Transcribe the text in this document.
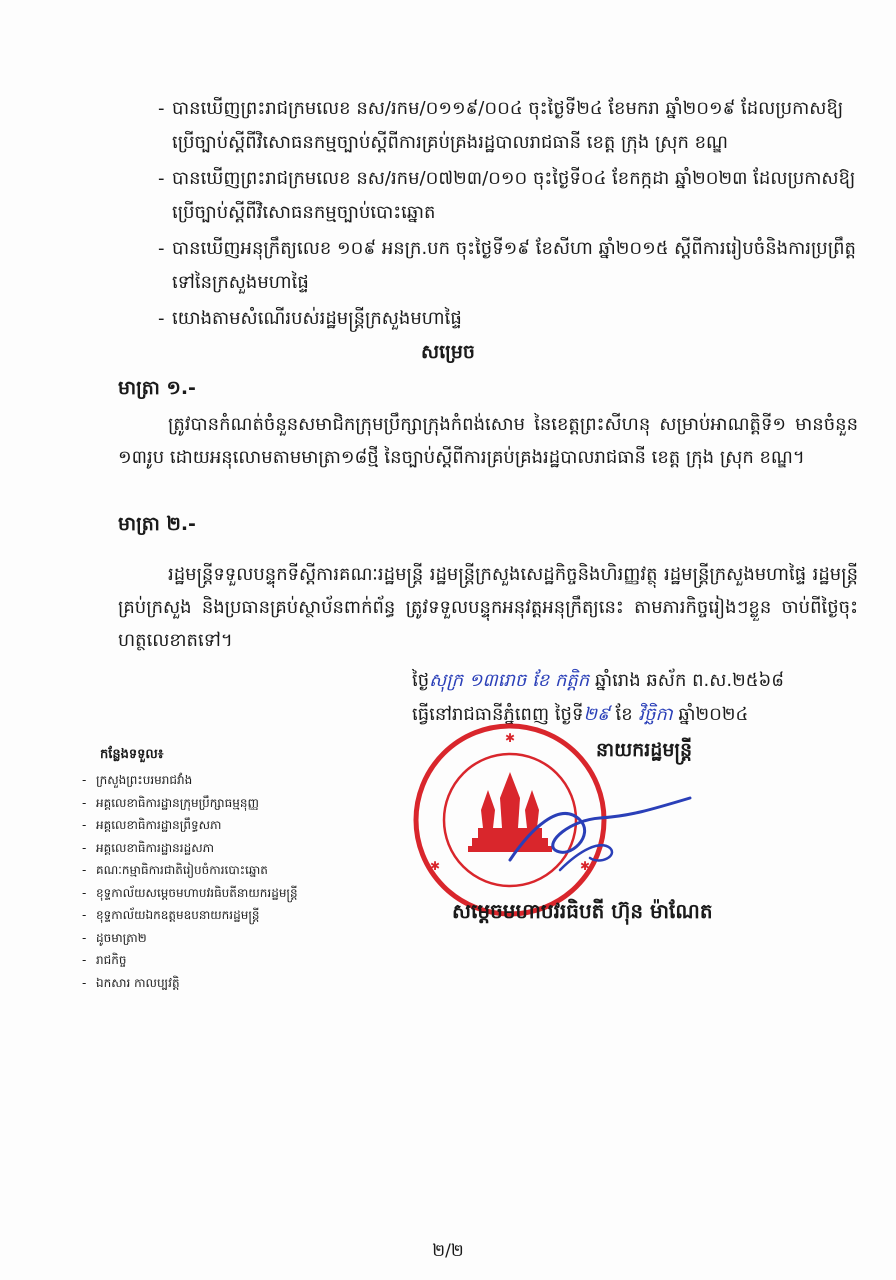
- បានឃើញព្រះរាជក្រមលេខ នស/រកម/០១១៩/០០៤ ចុះថ្ងៃទី២៤ ខែមករា ឆ្នាំ២០១៩ ដែលប្រកាសឱ្យប្រើច្បាប់ស្តីពីវិសោធនកម្មច្បាប់ស្តីពីការគ្រប់គ្រងរដ្ឋបាលរាជធានី ខេត្ត ក្រុង ស្រុក ខណ្ឌ
- បានឃើញព្រះរាជក្រមលេខ នស/រកម/០៧២៣/០១០ ចុះថ្ងៃទី០៤ ខែកក្កដា ឆ្នាំ២០២៣ ដែលប្រកាសឱ្យប្រើច្បាប់ស្តីពីវិសោធនកម្មច្បាប់បោះឆ្នោត
- បានឃើញអនុក្រឹត្យលេខ ១០៩ អនក្រ.បក ចុះថ្ងៃទី១៩ ខែសីហា ឆ្នាំ២០១៥ ស្តីពីការរៀបចំនិងការប្រព្រឹត្តទៅនៃក្រសួងមហាផ្ទៃ
- យោងតាមសំណើរបស់រដ្ឋមន្ត្រីក្រសួងមហាផ្ទៃ
សម្រេច
មាត្រា ១.-
ត្រូវបានកំណត់ចំនួនសមាជិកក្រុមប្រឹក្សាក្រុងកំពង់សោម នៃខេត្តព្រះសីហនុ សម្រាប់អាណត្តិទី១ មានចំនួន ១៣រូប ដោយអនុលោមតាមមាត្រា១៨ថ្មី នៃច្បាប់ស្តីពីការគ្រប់គ្រងរដ្ឋបាលរាជធានី ខេត្ត ក្រុង ស្រុក ខណ្ឌ។
មាត្រា ២.-
រដ្ឋមន្ត្រីទទួលបន្ទុកទីស្តីការគណៈរដ្ឋមន្ត្រី រដ្ឋមន្ត្រីក្រសួងសេដ្ឋកិច្ចនិងហិរញ្ញវត្ថុ រដ្ឋមន្ត្រីក្រសួងមហាផ្ទៃ រដ្ឋមន្ត្រីគ្រប់ក្រសួង និងប្រធានគ្រប់ស្ថាប័នពាក់ព័ន្ធ ត្រូវទទួលបន្ទុកអនុវត្តអនុក្រឹត្យនេះ តាមភារកិច្ចរៀងៗខ្លួន ចាប់ពីថ្ងៃចុះហត្ថលេខាតទៅ។
ថ្ងៃសុក្រ ១៣រោច ខែ កត្តិក ឆ្នាំរោង ឆស័ក ព.ស.២៥៦៨
ធ្វើនៅរាជធានីភ្នំពេញ ថ្ងៃទី២៩ ខែ វិច្ឆិកា ឆ្នាំ២០២៤
✱
✱	✱
នាយករដ្ឋមន្ត្រី
សម្តេចមហាបវរធិបតី ហ៊ុន ម៉ាណែត
កន្លែងទទួល៖
- ក្រសួងព្រះបរមរាជវាំង
- អគ្គលេខាធិការដ្ឋានក្រុមប្រឹក្សាធម្មនុញ្ញ
- អគ្គលេខាធិការដ្ឋានព្រឹទ្ធសភា
- អគ្គលេខាធិការដ្ឋានរដ្ឋសភា
- គណៈកម្មាធិការជាតិរៀបចំការបោះឆ្នោត
- ខុទ្ទកាល័យសម្តេចមហាបវរធិបតីនាយករដ្ឋមន្ត្រី
- ខុទ្ទកាល័យឯកឧត្តមឧបនាយករដ្ឋមន្ត្រី
- ដូចមាត្រា២
- រាជកិច្ច
- ឯកសារ កាលប្បវត្តិ
២/២
